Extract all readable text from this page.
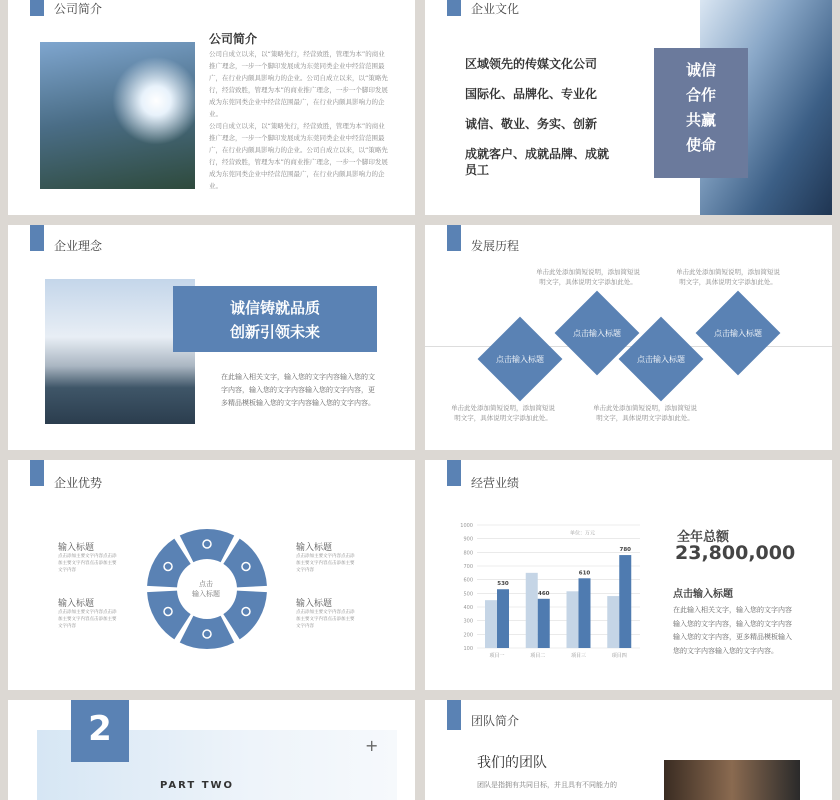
公司简介
公司简介
公司自成立以来，以“策略先行，经营致胜，管理为本”的商业推广理念，一步一个脚印发展成为东莞同类企业中经营范围最广，在行业内颇具影响力的企业。公司自成立以来，以“策略先行，经营致胜，管理为本”的商业推广理念，一步一个脚印发展成为东莞同类企业中经营范围最广，在行业内颇具影响力的企业。
公司自成立以来，以“策略先行，经营致胜，管理为本”的商业推广理念，一步一个脚印发展成为东莞同类企业中经营范围最广，在行业内颇具影响力的企业。公司自成立以来，以“策略先行，经营致胜，管理为本”的商业推广理念，一步一个脚印发展成为东莞同类企业中经营范围最广，在行业内颇具影响力的企业。
企业文化
诚信
合作
共赢
使命
区域领先的传媒文化公司
国际化、品牌化、专业化
诚信、敬业、务实、创新
成就客户、成就品牌、成就员工
企业理念
诚信铸就品质
创新引领未来
在此输入相关文字，输入您的文字内容输入您的文字内容，输入您的文字内容输入您的文字内容，更多精品模板输入您的文字内容输入您的文字内容。
发展历程
点击输入标题
点击输入标题
点击输入标题
点击输入标题
单击此处添加简短说明，添加简短说明文字，具体说明文字添加此处。
单击此处添加简短说明，添加简短说明文字，具体说明文字添加此处。
单击此处添加简短说明，添加简短说明文字，具体说明文字添加此处。
单击此处添加简短说明，添加简短说明文字，具体说明文字添加此处。
企业优势
点击
输入标题
输入标题
点击添加主要文字内容点击添加主要文字内容点击添加主要文字内容
输入标题
点击添加主要文字内容点击添加主要文字内容点击添加主要文字内容
输入标题
点击添加主要文字内容点击添加主要文字内容点击添加主要文字内容
输入标题
点击添加主要文字内容点击添加主要文字内容点击添加主要文字内容
经营业绩
100
200
300
400
500
600
700
800
900
1000
单位：万元
530
项目一
460
项目二
610
项目三
780
项目四
全年总额
23,800,000
点击输入标题
在此输入相关文字，输入您的文字内容输入您的文字内容，输入您的文字内容输入您的文字内容，更多精品模板输入您的文字内容输入您的文字内容。
2	+
PART TWO
团队简介
我们的团队
团队是指拥有共同目标，并且具有不同能力的
